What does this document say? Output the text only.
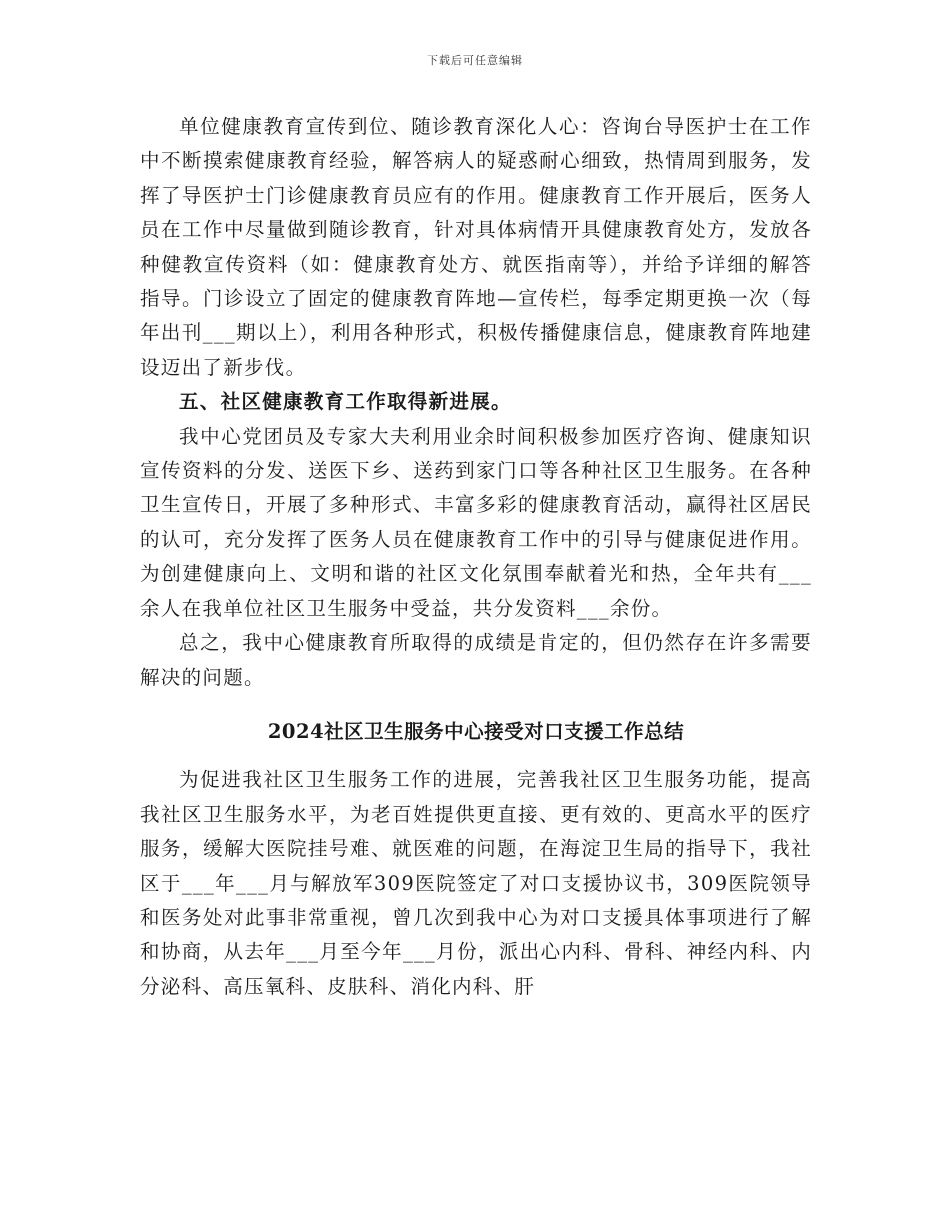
下载后可任意编辑

单位健康教育宣传到位、随诊教育深化人心：咨询台导医护士在工作中不断摸索健康教育经验，解答病人的疑惑耐心细致，热情周到服务，发挥了导医护士门诊健康教育员应有的作用。健康教育工作开展后，医务人员在工作中尽量做到随诊教育，针对具体病情开具健康教育处方，发放各种健教宣传资料（如：健康教育处方、就医指南等），并给予详细的解答指导。门诊设立了固定的健康教育阵地—宣传栏，每季定期更换一次（每年出刊___期以上），利用各种形式，积极传播健康信息，健康教育阵地建设迈出了新步伐。

五、社区健康教育工作取得新进展。

我中心党团员及专家大夫利用业余时间积极参加医疗咨询、健康知识宣传资料的分发、送医下乡、送药到家门口等各种社区卫生服务。在各种卫生宣传日，开展了多种形式、丰富多彩的健康教育活动，赢得社区居民的认可，充分发挥了医务人员在健康教育工作中的引导与健康促进作用。为创建健康向上、文明和谐的社区文化氛围奉献着光和热，全年共有___余人在我单位社区卫生服务中受益，共分发资料___余份。

总之，我中心健康教育所取得的成绩是肯定的，但仍然存在许多需要解决的问题。

2024社区卫生服务中心接受对口支援工作总结

为促进我社区卫生服务工作的进展，完善我社区卫生服务功能，提高我社区卫生服务水平，为老百姓提供更直接、更有效的、更高水平的医疗服务，缓解大医院挂号难、就医难的问题，在海淀卫生局的指导下，我社区于___年___月与解放军309医院签定了对口支援协议书，309医院领导和医务处对此事非常重视，曾几次到我中心为对口支援具体事项进行了解和协商，从去年___月至今年___月份，派出心内科、骨科、神经内科、内分泌科、高压氧科、皮肤科、消化内科、肝
